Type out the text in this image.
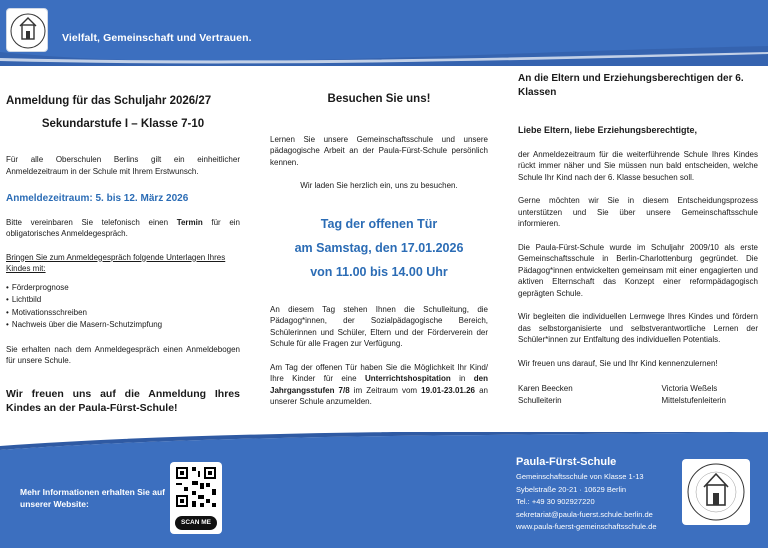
Vielfalt, Gemeinschaft und Vertrauen.
Anmeldung für das Schuljahr 2026/27
Sekundarstufe I – Klasse 7-10
Für alle Oberschulen Berlins gilt ein einheitlicher Anmeldezeitraum in der Schule mit Ihrem Erstwunsch.
Anmeldezeitraum: 5. bis 12. März 2026
Bitte vereinbaren Sie telefonisch einen Termin für ein obligatorisches Anmeldegespräch.
Bringen Sie zum Anmeldegespräch folgende Unterlagen Ihres Kindes mit:
• Förderprognose
• Lichtbild
• Motivationsschreiben
• Nachweis über die Masern-Schutzimpfung
Sie erhalten nach dem Anmeldegespräch einen Anmeldebogen für unsere Schule.
Wir freuen uns auf die Anmeldung Ihres Kindes an der Paula-Fürst-Schule!
Besuchen Sie uns!
Lernen Sie unsere Gemeinschaftsschule und unsere pädagogische Arbeit an der Paula-Fürst-Schule persönlich kennen.
Wir laden Sie herzlich ein, uns zu besuchen.
Tag der offenen Tür
am Samstag, den 17.01.2026
von 11.00 bis 14.00 Uhr
An diesem Tag stehen Ihnen die Schulleitung, die Pädagog*innen, der Sozialpädagogische Bereich, Schülerinnen und Schüler, Eltern und der Förderverein der Schule für alle Fragen zur Verfügung.
Am Tag der offenen Tür haben Sie die Möglichkeit Ihr Kind/ Ihre Kinder für eine Unterrichtshospitation in den Jahrgangsstufen 7/8 im Zeitraum vom 19.01-23.01.26 an unserer Schule anzumelden.
An die Eltern und Erziehungsberechtigen der 6. Klassen
Liebe Eltern, liebe Erziehungsberechtigte,
der Anmeldezeitraum für die weiterführende Schule Ihres Kindes rückt immer näher und Sie müssen nun bald entscheiden, welche Schule Ihr Kind nach der 6. Klasse besuchen soll.
Gerne möchten wir Sie in diesem Entscheidungsprozess unterstützen und Sie über unsere Gemeinschaftsschule informieren.
Die Paula-Fürst-Schule wurde im Schuljahr 2009/10 als erste Gemeinschaftsschule in Berlin-Charlottenburg gegründet. Die Pädagog*innen entwickelten gemeinsam mit einer engagierten und aktiven Elternschaft das Konzept einer reformpädagogisch geprägten Schule.
Wir begleiten die individuellen Lernwege Ihres Kindes und fördern das selbstorganisierte und selbstverantwortliche Lernen der Schüler*innen zur Entfaltung des individuellen Potentials.
Wir freuen uns darauf, Sie und Ihr Kind kennenzulernen!
Karen Beecken
Schulleiterin
Victoria Weßels
Mittelstufenleiterin
Mehr Informationen erhalten Sie auf unserer Website:
SCAN ME
Paula-Fürst-Schule
Gemeinschaftsschule von Klasse 1-13
Sybelstraße 20-21 · 10629 Berlin
Tel.: +49 30 902927220
sekretariat@paula-fuerst.schule.berlin.de
www.paula-fuerst-gemeinschaftsschule.de
